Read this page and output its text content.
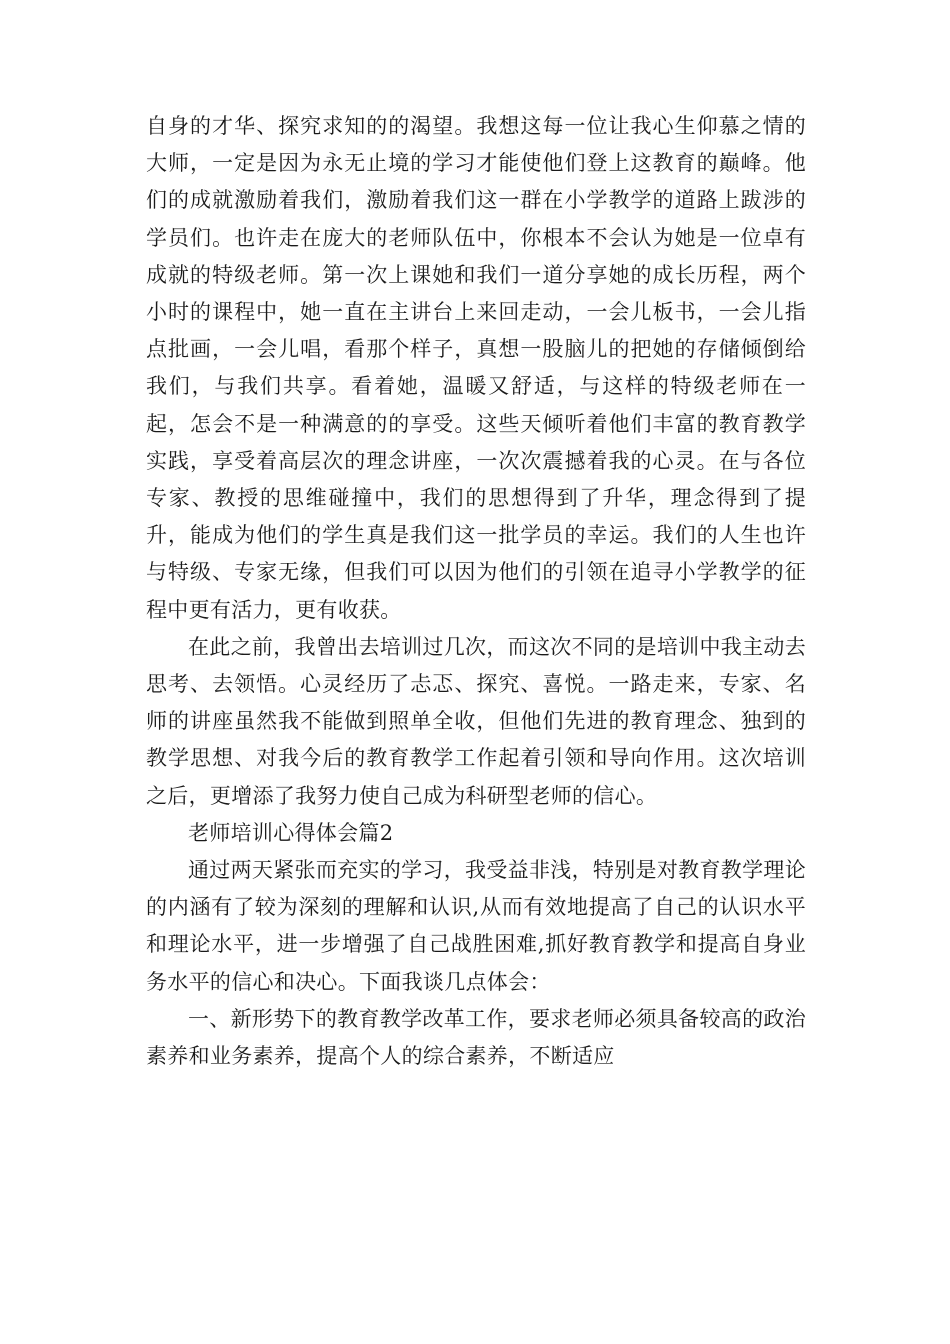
自身的才华、探究求知的的渴望。我想这每一位让我心生仰慕之情的大师，一定是因为永无止境的学习才能使他们登上这教育的巅峰。他们的成就激励着我们，激励着我们这一群在小学教学的道路上跋涉的学员们。也许走在庞大的老师队伍中，你根本不会认为她是一位卓有成就的特级老师。第一次上课她和我们一道分享她的成长历程，两个小时的课程中，她一直在主讲台上来回走动，一会儿板书，一会儿指点批画，一会儿唱，看那个样子，真想一股脑儿的把她的存储倾倒给我们，与我们共享。看着她，温暖又舒适，与这样的特级老师在一起，怎会不是一种满意的的享受。这些天倾听着他们丰富的教育教学实践，享受着高层次的理念讲座，一次次震撼着我的心灵。在与各位专家、教授的思维碰撞中，我们的思想得到了升华，理念得到了提升，能成为他们的学生真是我们这一批学员的幸运。我们的人生也许与特级、专家无缘，但我们可以因为他们的引领在追寻小学教学的征程中更有活力，更有收获。

在此之前，我曾出去培训过几次，而这次不同的是培训中我主动去思考、去领悟。心灵经历了忐忑、探究、喜悦。一路走来，专家、名师的讲座虽然我不能做到照单全收，但他们先进的教育理念、独到的教学思想、对我今后的教育教学工作起着引领和导向作用。这次培训之后，更增添了我努力使自己成为科研型老师的信心。

老师培训心得体会篇2

通过两天紧张而充实的学习，我受益非浅，特别是对教育教学理论的内涵有了较为深刻的理解和认识,从而有效地提高了自己的认识水平和理论水平，进一步增强了自己战胜困难,抓好教育教学和提高自身业务水平的信心和决心。下面我谈几点体会：

一、新形势下的教育教学改革工作，要求老师必须具备较高的政治素养和业务素养，提高个人的综合素养，不断适应
